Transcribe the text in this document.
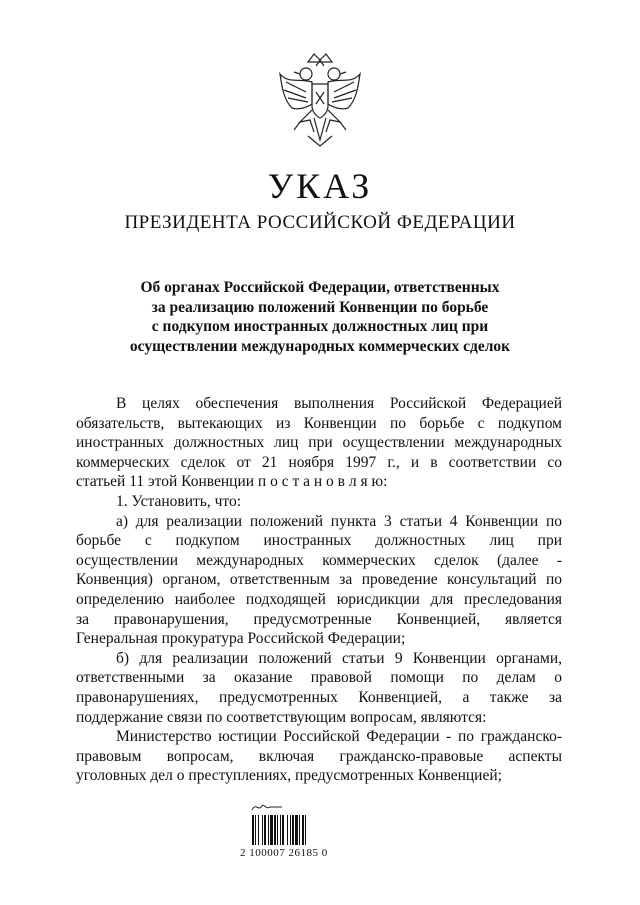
УКАЗ
ПРЕЗИДЕНТА РОССИЙСКОЙ ФЕДЕРАЦИИ
Об органах Российской Федерации, ответственных
за реализацию положений Конвенции по борьбе
с подкупом иностранных должностных лиц при
осуществлении международных коммерческих сделок
В целях обеспечения выполнения Российской Федерацией
обязательств, вытекающих из Конвенции по борьбе с подкупом
иностранных должностных лиц при осуществлении международных
коммерческих сделок от 21 ноября 1997 г., и в соответствии со
статьей 11 этой Конвенции п о с т а н о в л я ю:
1. Установить, что:
а) для реализации положений пункта 3 статьи 4 Конвенции по
борьбе с подкупом иностранных должностных лиц при
осуществлении международных коммерческих сделок (далее -
Конвенция) органом, ответственным за проведение консультаций по
определению наиболее подходящей юрисдикции для преследования
за правонарушения, предусмотренные Конвенцией, является
Генеральная прокуратура Российской Федерации;
б) для реализации положений статьи 9 Конвенции органами,
ответственными за оказание правовой помощи по делам о
правонарушениях, предусмотренных Конвенцией, а также за
поддержание связи по соответствующим вопросам, являются:
Министерство юстиции Российской Федерации - по гражданско-
правовым вопросам, включая гражданско-правовые аспекты
уголовных дел о преступлениях, предусмотренных Конвенцией;
2 100007 26185 0
